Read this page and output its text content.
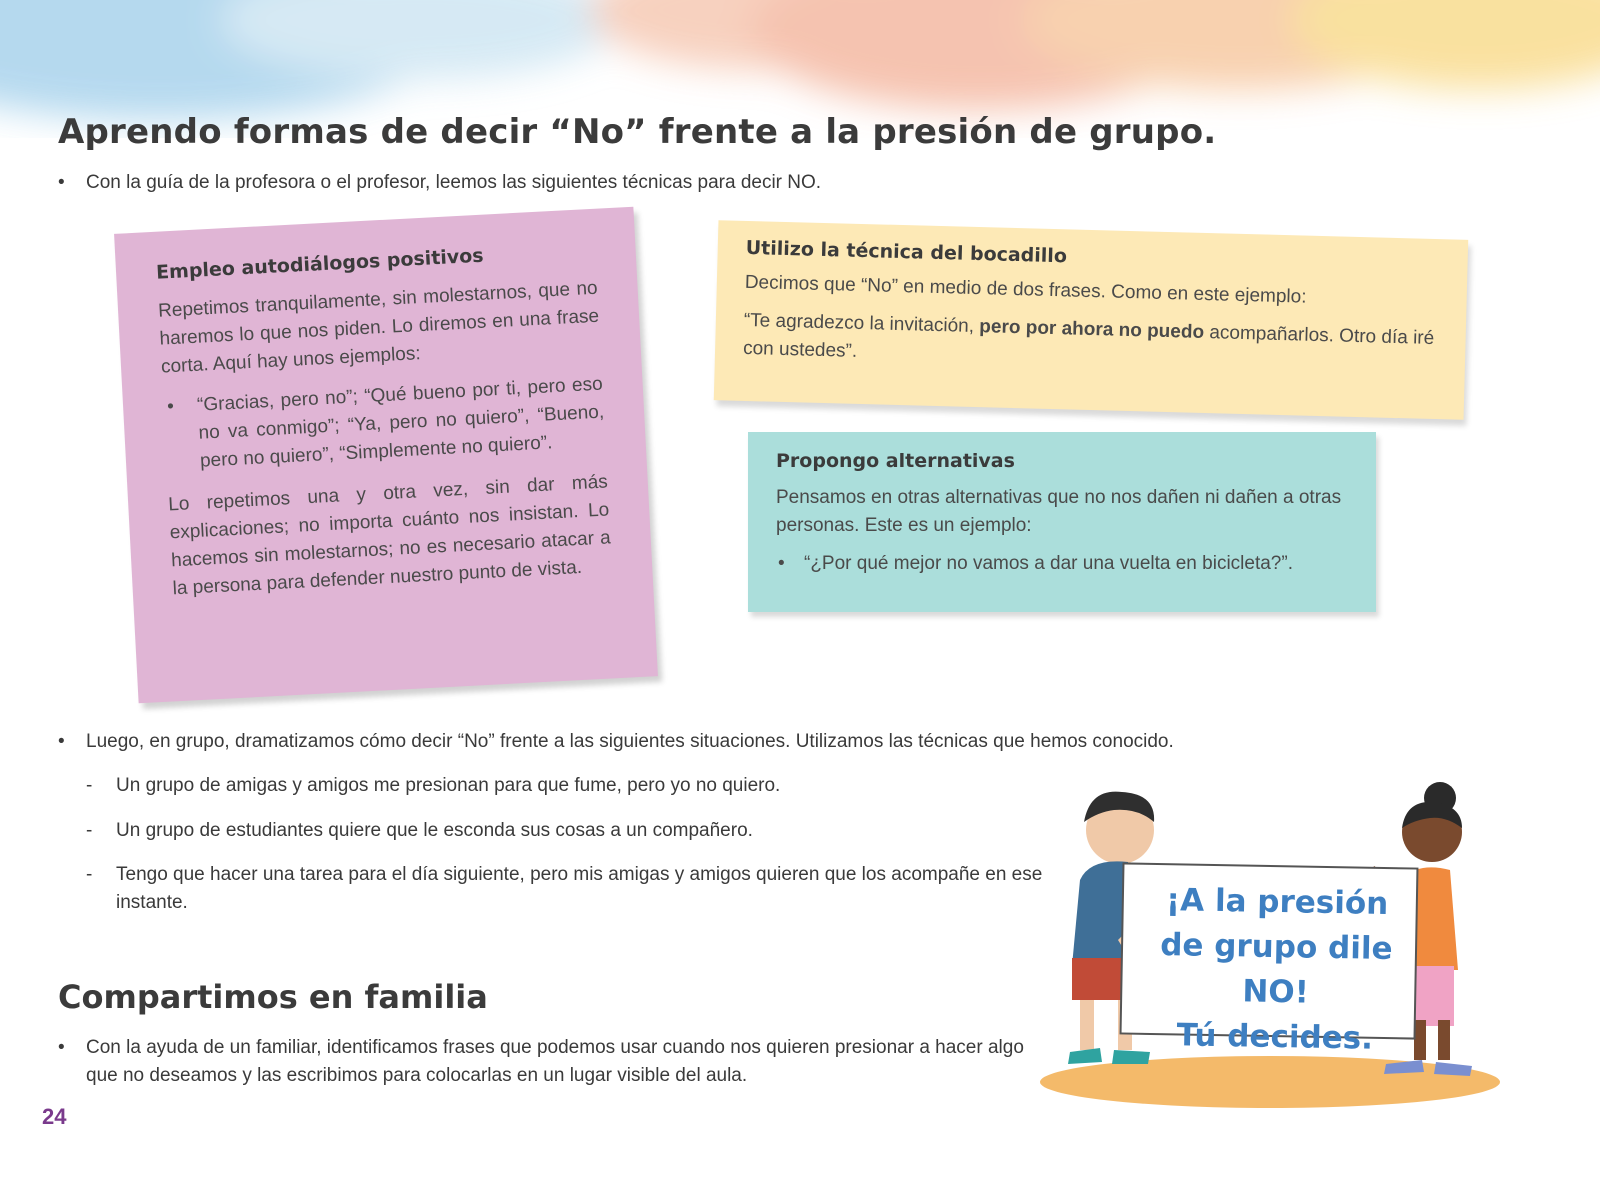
Aprendo formas de decir “No” frente a la presión de grupo.
•	Con la guía de la profesora o el profesor, leemos las siguientes técnicas para decir NO.

Empleo autodiálogos positivos

Repetimos tranquilamente, sin molestarnos, que no haremos lo que nos piden. Lo diremos en una frase corta. Aquí hay unos ejemplos:

• “Gracias, pero no”; “Qué bueno por ti, pero eso no va conmigo”; “Ya, pero no quiero”, “Bueno, pero no quiero”, “Simplemente no quiero”.

Lo repetimos una y otra vez, sin dar más explicaciones; no importa cuánto nos insistan. Lo hacemos sin molestarnos; no es necesario atacar a la persona para defender nuestro punto de vista.

Utilizo la técnica del bocadillo

Decimos que “No” en medio de dos frases. Como en este ejemplo:

“Te agradezco la invitación, pero por ahora no puedo acompañarlos. Otro día iré con ustedes”.

Propongo alternativas

Pensamos en otras alternativas que no nos dañen ni dañen a otras personas. Este es un ejemplo:

• “¿Por qué mejor no vamos a dar una vuelta en bicicleta?”.
•	Luego, en grupo, dramatizamos cómo decir “No” frente a las siguientes situaciones. Utilizamos las técnicas que hemos conocido.
-	Un grupo de amigas y amigos me presionan para que fume, pero yo no quiero.
-	Un grupo de estudiantes quiere que le esconda sus cosas a un compañero.
-	Tengo que hacer una tarea para el día siguiente, pero mis amigas y amigos quieren que los acompañe en ese instante.
Compartimos en familia
•	Con la ayuda de un familiar, identificamos frases que podemos usar cuando nos quieren presionar a hacer algo que no deseamos y las escribimos para colocarlas en un lugar visible del aula.
¡A la presión
de grupo dile NO!
Tú decides.
24
